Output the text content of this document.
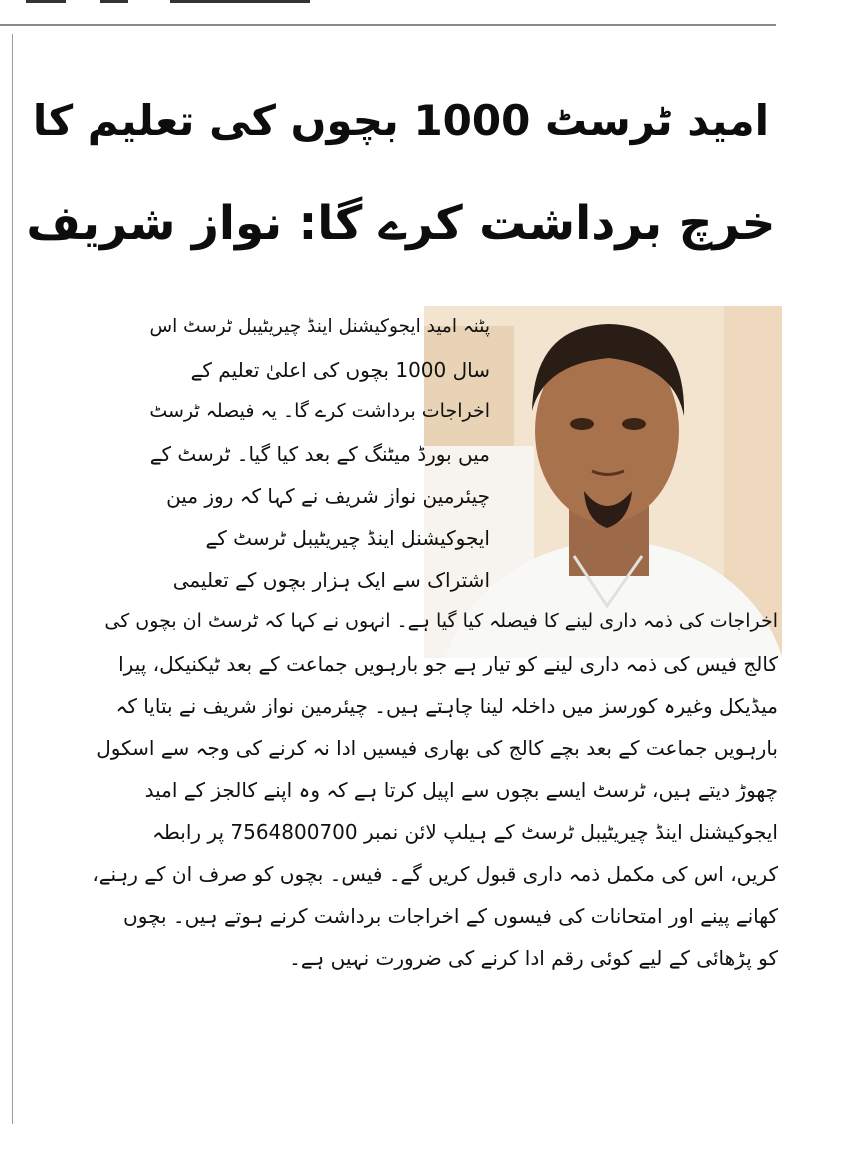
امید ٹرسٹ 1000 بچوں کی تعلیم کا
خرچ برداشت کرے گا: نواز شریف
پٹنہ امید ایجوکیشنل اینڈ چیریٹیبل ٹرسٹ اس
سال 1000 بچوں کی اعلیٰ تعلیم کے
اخراجات برداشت کرے گا۔ یہ فیصلہ ٹرسٹ
میں بورڈ میٹنگ کے بعد کیا گیا۔ ٹرسٹ کے
چیئرمین نواز شریف نے کہا کہ روز مین
ایجوکیشنل اینڈ چیریٹیبل ٹرسٹ کے
اشتراک سے ایک ہزار بچوں کے تعلیمی
اخراجات کی ذمہ داری لینے کا فیصلہ کیا گیا ہے۔ انہوں نے کہا کہ ٹرسٹ ان بچوں کی
کالج فیس کی ذمہ داری لینے کو تیار ہے جو بارہویں جماعت کے بعد ٹیکنیکل، پیرا
میڈیکل وغیرہ کورسز میں داخلہ لینا چاہتے ہیں۔ چیئرمین نواز شریف نے بتایا کہ
بارہویں جماعت کے بعد بچے کالج کی بھاری فیسیں ادا نہ کرنے کی وجہ سے اسکول
چھوڑ دیتے ہیں، ٹرسٹ ایسے بچوں سے اپیل کرتا ہے کہ وہ اپنے کالجز کے امید
ایجوکیشنل اینڈ چیریٹیبل ٹرسٹ کے ہیلپ لائن نمبر 7564800700 پر رابطہ
کریں، اس کی مکمل ذمہ داری قبول کریں گے۔ فیس۔ بچوں کو صرف ان کے رہنے،
کھانے پینے اور امتحانات کی فیسوں کے اخراجات برداشت کرنے ہوتے ہیں۔ بچوں
کو پڑھائی کے لیے کوئی رقم ادا کرنے کی ضرورت نہیں ہے۔
